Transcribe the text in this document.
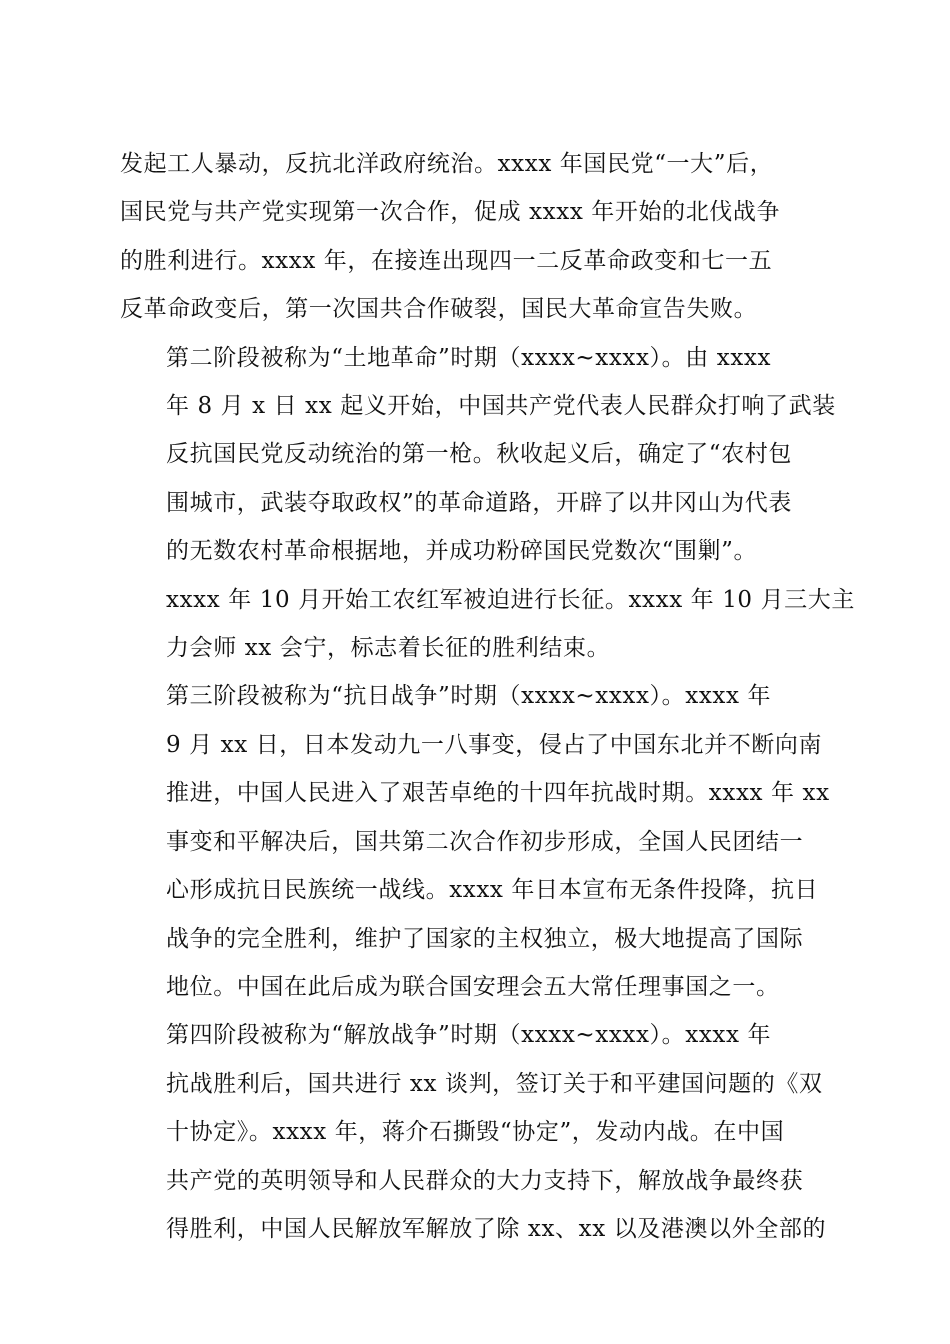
发起工人暴动，反抗北洋政府统治。xxxx 年国民党“一大”后，
国民党与共产党实现第一次合作，促成 xxxx 年开始的北伐战争
的胜利进行。xxxx 年，在接连出现四一二反革命政变和七一五
反革命政变后，第一次国共合作破裂，国民大革命宣告失败。

第二阶段被称为“土地革命”时期（xxxx~xxxx）。由 xxxx
年 8 月 x 日 xx 起义开始，中国共产党代表人民群众打响了武装
反抗国民党反动统治的第一枪。秋收起义后，确定了“农村包
围城市，武装夺取政权”的革命道路，开辟了以井冈山为代表
的无数农村革命根据地，并成功粉碎国民党数次“围剿”。
xxxx 年 10 月开始工农红军被迫进行长征。xxxx 年 10 月三大主
力会师 xx 会宁，标志着长征的胜利结束。

第三阶段被称为“抗日战争”时期（xxxx~xxxx）。xxxx 年
9 月 xx 日，日本发动九一八事变，侵占了中国东北并不断向南
推进，中国人民进入了艰苦卓绝的十四年抗战时期。xxxx 年 xx
事变和平解决后，国共第二次合作初步形成，全国人民团结一
心形成抗日民族统一战线。xxxx 年日本宣布无条件投降，抗日
战争的完全胜利，维护了国家的主权独立，极大地提高了国际
地位。中国在此后成为联合国安理会五大常任理事国之一。

第四阶段被称为“解放战争”时期（xxxx~xxxx）。xxxx 年
抗战胜利后，国共进行 xx 谈判，签订关于和平建国问题的《双
十协定》。xxxx 年，蒋介石撕毁“协定”，发动内战。在中国
共产党的英明领导和人民群众的大力支持下，解放战争最终获
得胜利，中国人民解放军解放了除 xx、xx 以及港澳以外全部的
